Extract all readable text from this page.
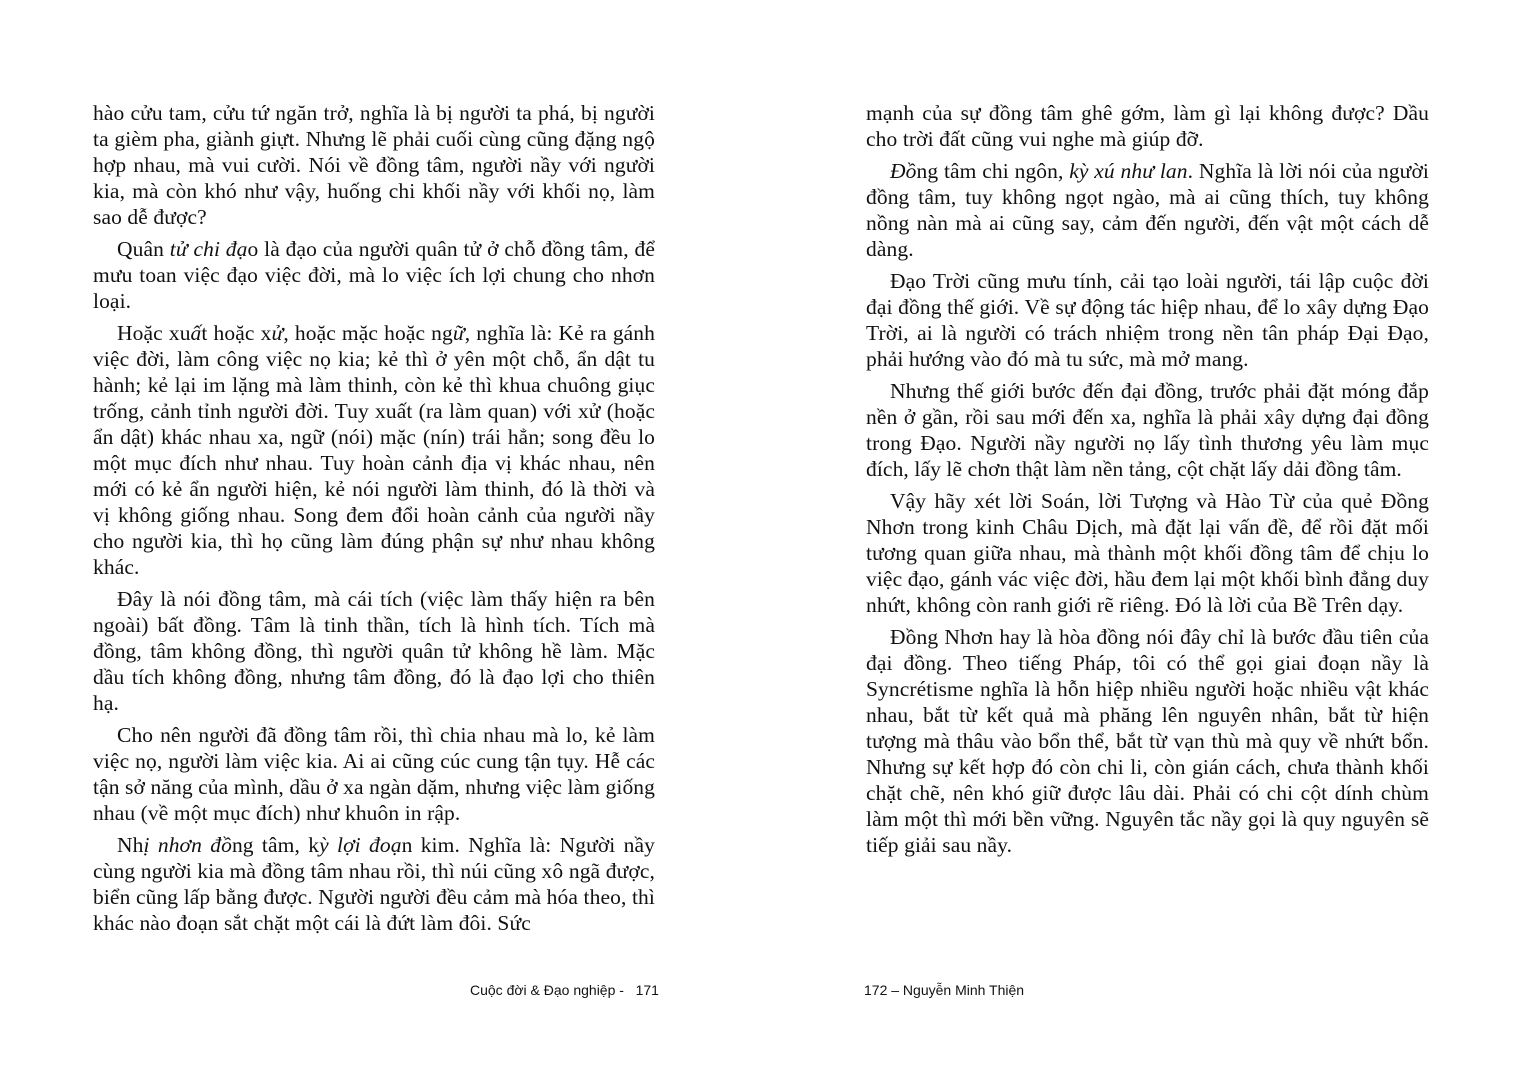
hào cửu tam, cửu tứ ngăn trở, nghĩa là bị người ta phá, bị người ta gièm pha, giành giựt. Nhưng lẽ phải cuối cùng cũng đặng ngộ hợp nhau, mà vui cười. Nói về đồng tâm, người nầy với người kia, mà còn khó như vậy, huống chi khối nầy với khối nọ, làm sao dễ được?

Quân tử chi đạo là đạo của người quân tử ở chỗ đồng tâm, để mưu toan việc đạo việc đời, mà lo việc ích lợi chung cho nhơn loại.

Hoặc xuất hoặc xử, hoặc mặc hoặc ngữ, nghĩa là: Kẻ ra gánh việc đời, làm công việc nọ kia; kẻ thì ở yên một chỗ, ẩn dật tu hành; kẻ lại im lặng mà làm thinh, còn kẻ thì khua chuông giục trống, cảnh tỉnh người đời. Tuy xuất (ra làm quan) với xử (hoặc ẩn dật) khác nhau xa, ngữ (nói) mặc (nín) trái hẳn; song đều lo một mục đích như nhau. Tuy hoàn cảnh địa vị khác nhau, nên mới có kẻ ẩn người hiện, kẻ nói người làm thinh, đó là thời và vị không giống nhau. Song đem đổi hoàn cảnh của người nầy cho người kia, thì họ cũng làm đúng phận sự như nhau không khác.

Đây là nói đồng tâm, mà cái tích (việc làm thấy hiện ra bên ngoài) bất đồng. Tâm là tinh thần, tích là hình tích. Tích mà đồng, tâm không đồng, thì người quân tử không hề làm. Mặc dầu tích không đồng, nhưng tâm đồng, đó là đạo lợi cho thiên hạ.

Cho nên người đã đồng tâm rồi, thì chia nhau mà lo, kẻ làm việc nọ, người làm việc kia. Ai ai cũng cúc cung tận tụy. Hễ các tận sở năng của mình, dầu ở xa ngàn dặm, nhưng việc làm giống nhau (về một mục đích) như khuôn in rập.

Nhị nhơn đồng tâm, kỳ lợi đoạn kim. Nghĩa là: Người nầy cùng người kia mà đồng tâm nhau rồi, thì núi cũng xô ngã được, biển cũng lấp bằng được. Người người đều cảm mà hóa theo, thì khác nào đoạn sắt chặt một cái là đứt làm đôi. Sức

Cuộc đời & Đạo nghiệp -   171

mạnh của sự đồng tâm ghê gớm, làm gì lại không được? Dầu cho trời đất cũng vui nghe mà giúp đỡ.

Đồng tâm chi ngôn, kỳ xú như lan. Nghĩa là lời nói của người đồng tâm, tuy không ngọt ngào, mà ai cũng thích, tuy không nồng nàn mà ai cũng say, cảm đến người, đến vật một cách dễ dàng.

Đạo Trời cũng mưu tính, cải tạo loài người, tái lập cuộc đời đại đồng thế giới. Về sự động tác hiệp nhau, để lo xây dựng Đạo Trời, ai là người có trách nhiệm trong nền tân pháp Đại Đạo, phải hướng vào đó mà tu sức, mà mở mang.

Nhưng thế giới bước đến đại đồng, trước phải đặt móng đắp nền ở gần, rồi sau mới đến xa, nghĩa là phải xây dựng đại đồng trong Đạo. Người nầy người nọ lấy tình thương yêu làm mục đích, lấy lẽ chơn thật làm nền tảng, cột chặt lấy dải đồng tâm.

Vậy hãy xét lời Soán, lời Tượng và Hào Từ của quẻ Đồng Nhơn trong kinh Châu Dịch, mà đặt lại vấn đề, để rồi đặt mối tương quan giữa nhau, mà thành một khối đồng tâm để chịu lo việc đạo, gánh vác việc đời, hầu đem lại một khối bình đẳng duy nhứt, không còn ranh giới rẽ riêng. Đó là lời của Bề Trên dạy.

Đồng Nhơn hay là hòa đồng nói đây chỉ là bước đầu tiên của đại đồng. Theo tiếng Pháp, tôi có thể gọi giai đoạn nầy là Syncrétisme nghĩa là hỗn hiệp nhiều người hoặc nhiều vật khác nhau, bắt từ kết quả mà phăng lên nguyên nhân, bắt từ hiện tượng mà thâu vào bổn thể, bắt từ vạn thù mà quy về nhứt bổn. Nhưng sự kết hợp đó còn chi li, còn gián cách, chưa thành khối chặt chẽ, nên khó giữ được lâu dài. Phải có chi cột dính chùm làm một thì mới bền vững. Nguyên tắc nầy gọi là quy nguyên sẽ tiếp giải sau nầy.

172 – Nguyễn Minh Thiện
